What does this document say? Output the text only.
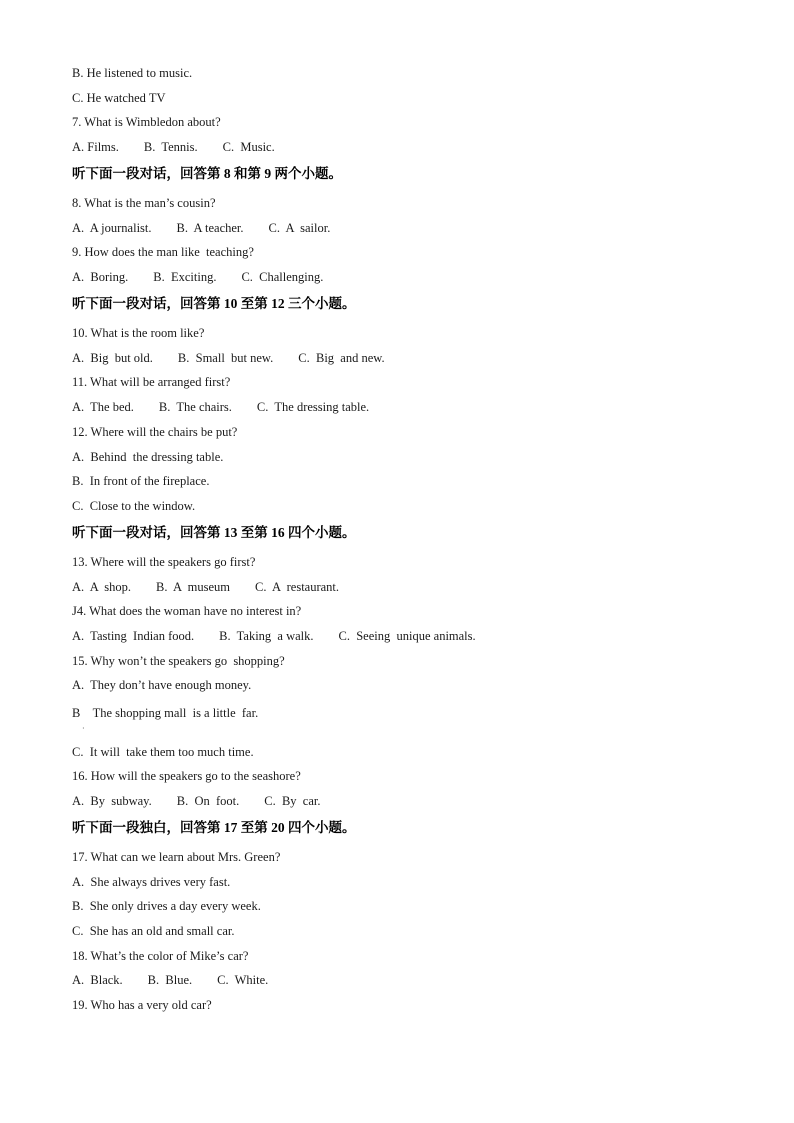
B. He listened to music.
C. He watched TV
7. What is Wimbledon about?
A. Films.        B.  Tennis.        C.  Music.
听下面一段对话，回答第 8 和第 9 两个小题。
8. What is the man’s cousin?
A.  A journalist.        B.  A teacher.        C.  A  sailor.
9. How does the man like  teaching?
A.  Boring.        B.  Exciting.        C.  Challenging.
听下面一段对话，回答第 10 至第 12 三个小题。
10. What is the room like?
A.  Big  but old.        B.  Small  but new.        C.  Big  and new.
11. What will be arranged first?
A.  The bed.        B.  The chairs.        C.  The dressing table.
12. Where will the chairs be put?
A.  Behind  the dressing table.
B.  In front of the fireplace.
C.  Close to the window.
听下面一段对话，回答第 13 至第 16 四个小题。
13. Where will the speakers go first?
A.  A  shop.        B.  A  museum        C.  A  restaurant.
J4. What does the woman have no interest in?
A.  Tasting  Indian food.        B.  Taking  a walk.        C.  Seeing  unique animals.
15. Why won’t the speakers go  shopping?
A.  They don’t have enough money.
B    The shopping mall  is a little  far.
·
C.  It will  take them too much time.
16. How will the speakers go to the seashore?
A.  By  subway.        B.  On  foot.        C.  By  car.
听下面一段独白，回答第 17 至第 20 四个小题。
17. What can we learn about Mrs. Green?
A.  She always drives very fast.
B.  She only drives a day every week.
C.  She has an old and small car.
18. What’s the color of Mike’s car?
A.  Black.        B.  Blue.        C.  White.
19. Who has a very old car?
